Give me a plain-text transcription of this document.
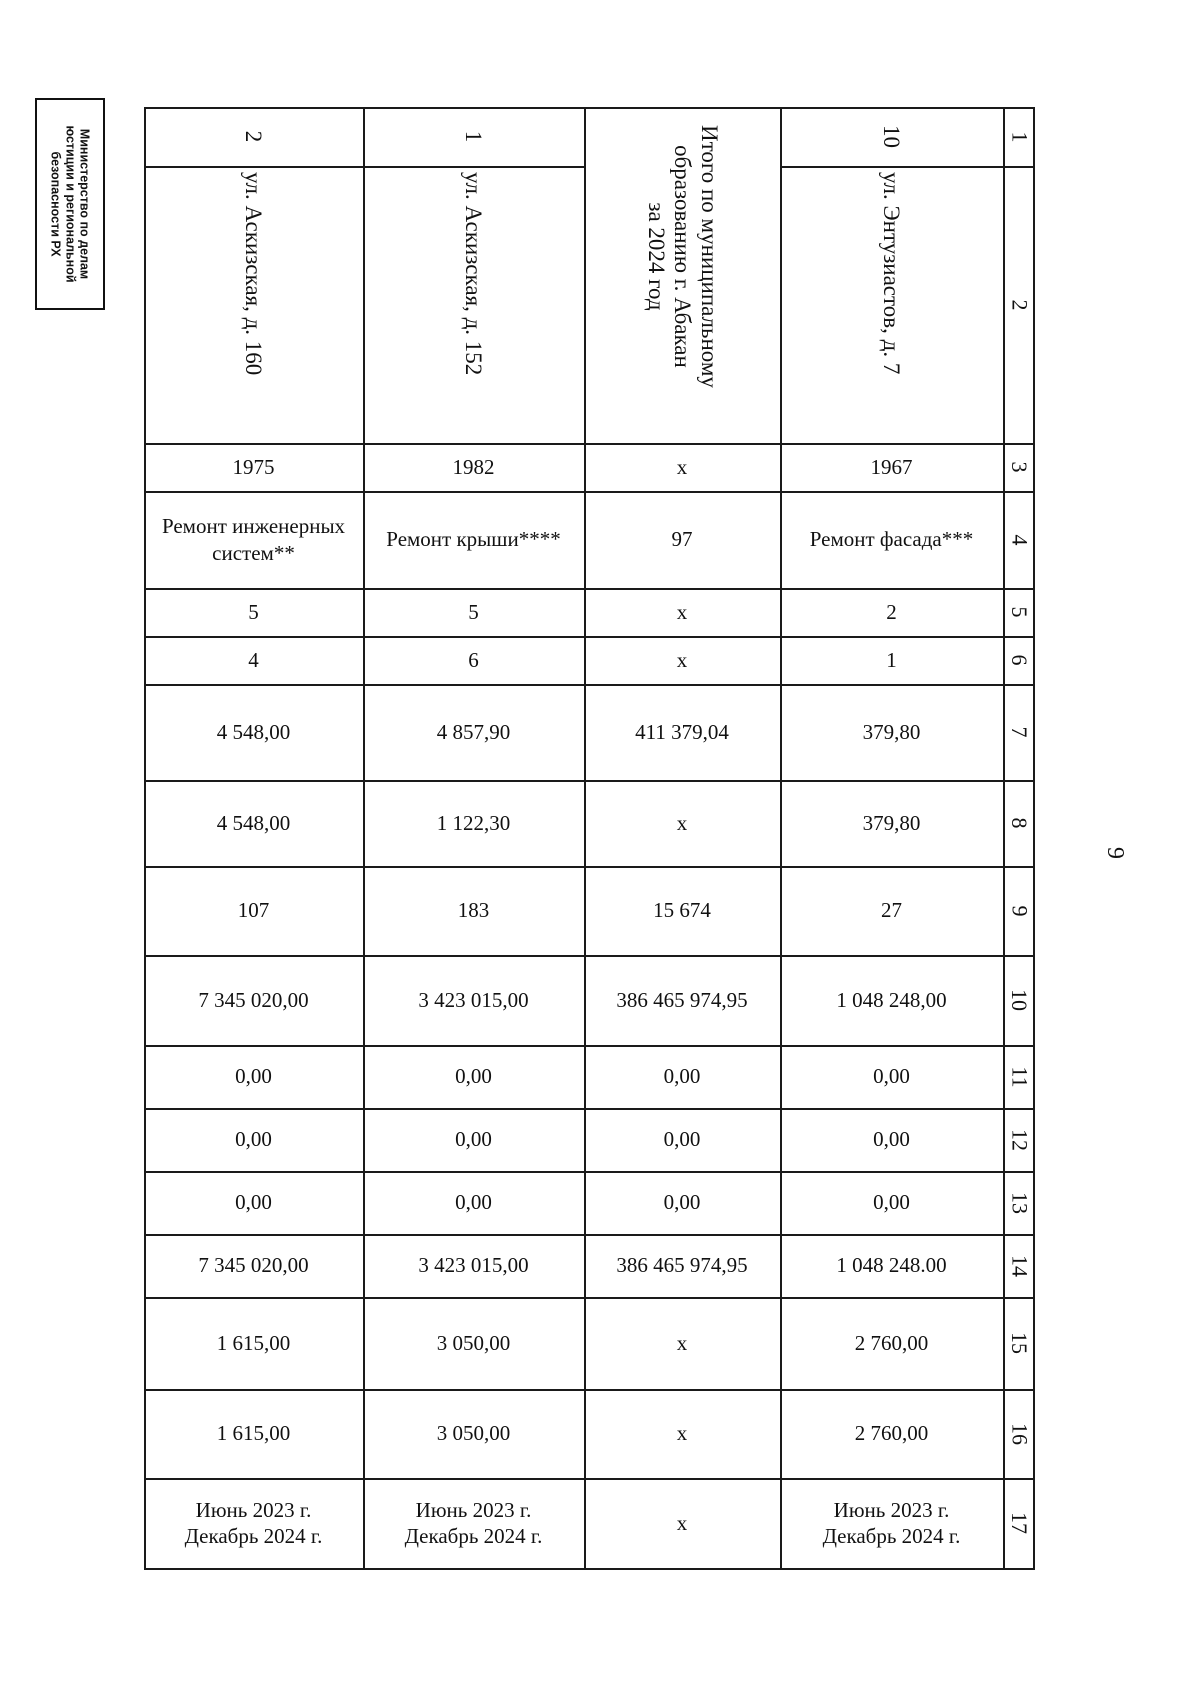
Министерство по делам
юстиции и региональной
безопасности РХ
9
1
2
3
4
5
6
7
8
9
10
11
12
13
14
15
16
17
10
ул. Энтузиастов, д. 7
1967
Ремонт фасада***
2
1
379,80
379,80
27
1 048 248,00
0,00
0,00
0,00
1 048 248.00
2 760,00
2 760,00
Июнь 2023 г.
Декабрь 2024 г.
Итого по муниципальному
образованию г. Абакан
за 2024 год
х
97
х
х
411 379,04
х
15 674
386 465 974,95
0,00
0,00
0,00
386 465 974,95
х
х
х
1
ул. Аскизская, д. 152
1982
Ремонт крыши****
5
6
4 857,90
1 122,30
183
3 423 015,00
0,00
0,00
0,00
3 423 015,00
3 050,00
3 050,00
Июнь 2023 г.
Декабрь 2024 г.
2
ул. Аскизская, д. 160
1975
Ремонт инженерных
систем**
5
4
4 548,00
4 548,00
107
7 345 020,00
0,00
0,00
0,00
7 345 020,00
1 615,00
1 615,00
Июнь 2023 г.
Декабрь 2024 г.
